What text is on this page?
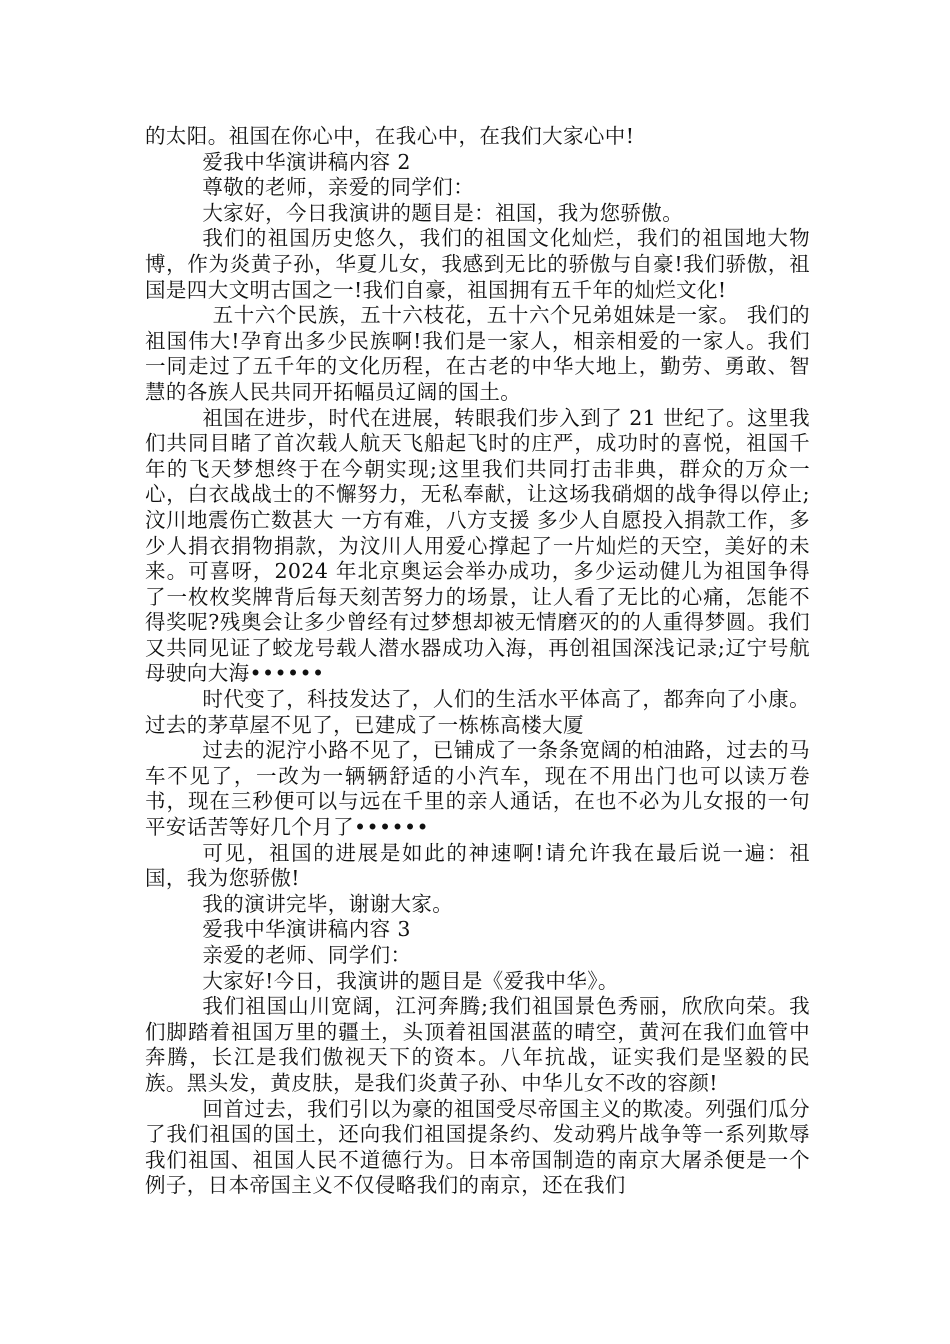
的太阳。祖国在你心中，在我心中，在我们大家心中!

爱我中华演讲稿内容 2

尊敬的老师，亲爱的同学们：

大家好，今日我演讲的题目是：祖国，我为您骄傲。

我们的祖国历史悠久，我们的祖国文化灿烂，我们的祖国地大物博，作为炎黄子孙，华夏儿女，我感到无比的骄傲与自豪!我们骄傲，祖国是四大文明古国之一!我们自豪，祖国拥有五千年的灿烂文化!

五十六个民族，五十六枝花，五十六个兄弟姐妹是一家。 我们的祖国伟大!孕育出多少民族啊!我们是一家人，相亲相爱的一家人。我们一同走过了五千年的文化历程，在古老的中华大地上，勤劳、勇敢、智慧的各族人民共同开拓幅员辽阔的国土。

祖国在进步，时代在进展，转眼我们步入到了 21 世纪了。这里我们共同目睹了首次载人航天飞船起飞时的庄严，成功时的喜悦，祖国千年的飞天梦想终于在今朝实现;这里我们共同打击非典，群众的万众一心，白衣战战士的不懈努力，无私奉献，让这场我硝烟的战争得以停止;汶川地震伤亡数甚大 一方有难，八方支援 多少人自愿投入捐款工作，多少人捐衣捐物捐款，为汶川人用爱心撑起了一片灿烂的天空，美好的未来。可喜呀，2024 年北京奥运会举办成功，多少运动健儿为祖国争得了一枚枚奖牌背后每天刻苦努力的场景，让人看了无比的心痛，怎能不得奖呢?残奥会让多少曾经有过梦想却被无情磨灭的的人重得梦圆。我们又共同见证了蛟龙号载人潜水器成功入海，再创祖国深浅记录;辽宁号航母驶向大海••••••

时代变了，科技发达了，人们的生活水平体高了，都奔向了小康。过去的茅草屋不见了，已建成了一栋栋高楼大厦

过去的泥泞小路不见了，已铺成了一条条宽阔的柏油路，过去的马车不见了，一改为一辆辆舒适的小汽车，现在不用出门也可以读万卷书，现在三秒便可以与远在千里的亲人通话，在也不必为儿女报的一句平安话苦等好几个月了••••••

可见，祖国的进展是如此的神速啊!请允许我在最后说一遍：祖国，我为您骄傲!

我的演讲完毕，谢谢大家。

爱我中华演讲稿内容 3

亲爱的老师、同学们：

大家好!今日，我演讲的题目是《爱我中华》。

我们祖国山川宽阔，江河奔腾;我们祖国景色秀丽，欣欣向荣。我们脚踏着祖国万里的疆土，头顶着祖国湛蓝的晴空，黄河在我们血管中奔腾，长江是我们傲视天下的资本。八年抗战，证实我们是坚毅的民族。黑头发，黄皮肤，是我们炎黄子孙、中华儿女不改的容颜!

回首过去，我们引以为豪的祖国受尽帝国主义的欺凌。列强们瓜分了我们祖国的国土，还向我们祖国提条约、发动鸦片战争等一系列欺辱我们祖国、祖国人民不道德行为。日本帝国制造的南京大屠杀便是一个例子，日本帝国主义不仅侵略我们的南京，还在我们
